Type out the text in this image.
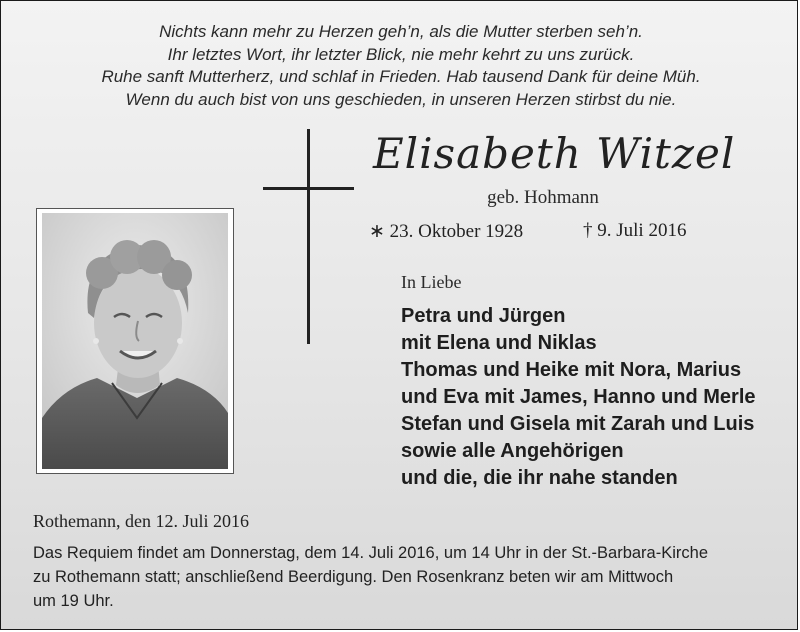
Nichts kann mehr zu Herzen geh’n, als die Mutter sterben seh’n.
Ihr letztes Wort, ihr letzter Blick, nie mehr kehrt zu uns zurück.
Ruhe sanft Mutterherz, und schlaf in Frieden. Hab tausend Dank für deine Müh.
Wenn du auch bist von uns geschieden, in unseren Herzen stirbst du nie.
Elisabeth Witzel
geb. Hohmann
∗ 23. Oktober 1928	† 9. Juli 2016
In Liebe
Petra und Jürgen
mit Elena und Niklas
Thomas und Heike mit Nora, Marius
und Eva mit James, Hanno und Merle
Stefan und Gisela mit Zarah und Luis
sowie alle Angehörigen
und die, die ihr nahe standen
Rothemann, den 12. Juli 2016
Das Requiem findet am Donnerstag, dem 14. Juli 2016, um 14 Uhr in der St.-Barbara-Kirche
zu Rothemann statt; anschließend Beerdigung. Den Rosenkranz beten wir am Mittwoch
um 19 Uhr.
